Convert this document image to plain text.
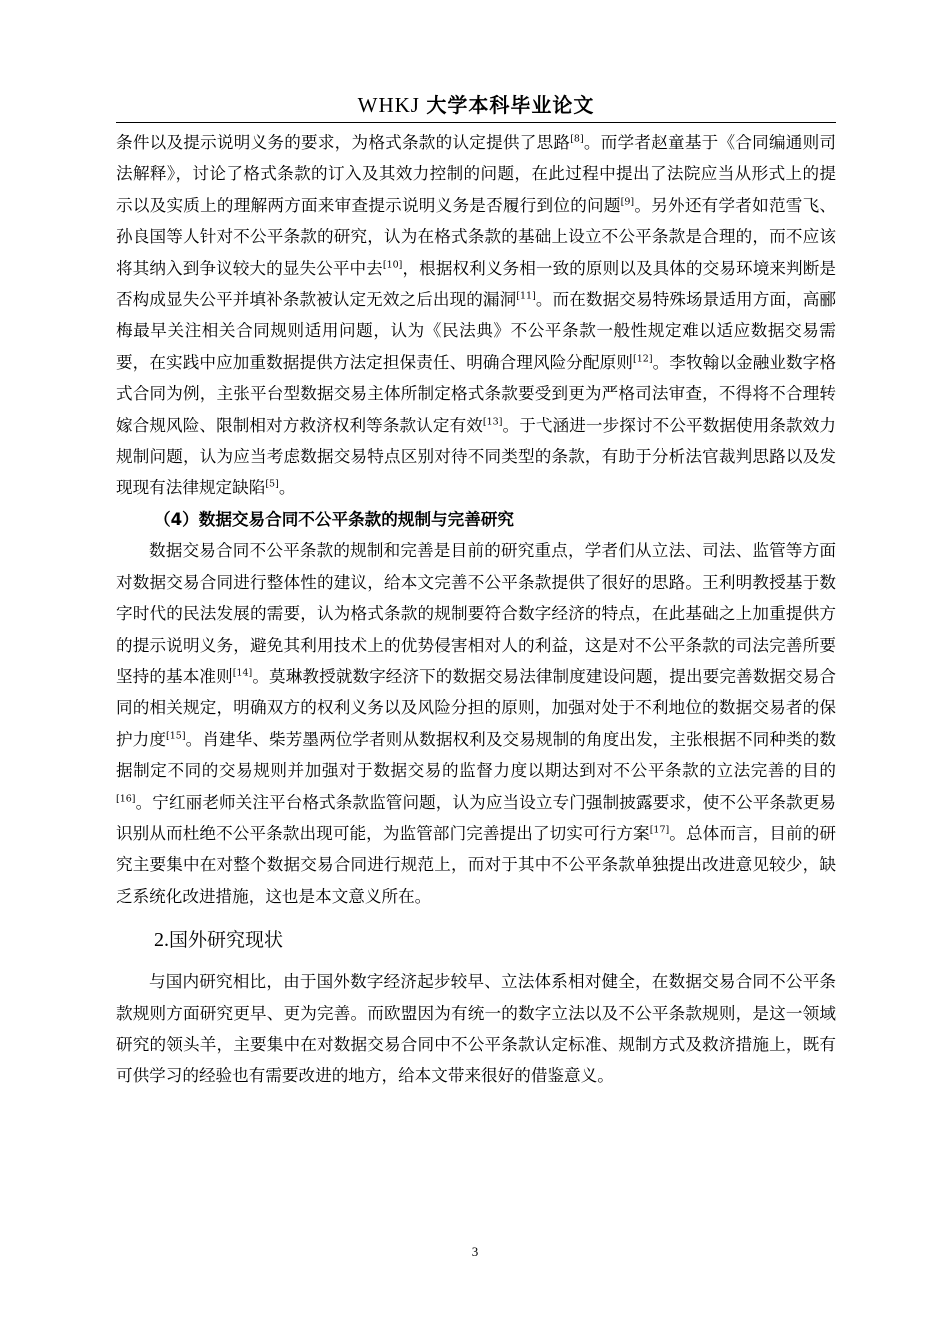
WHKJ 大学本科毕业论文

条件以及提示说明义务的要求，为格式条款的认定提供了思路[8]。而学者赵童基于《合同编通则司法解释》，讨论了格式条款的订入及其效力控制的问题，在此过程中提出了法院应当从形式上的提示以及实质上的理解两方面来审查提示说明义务是否履行到位的问题[9]。另外还有学者如范雪飞、孙良国等人针对不公平条款的研究，认为在格式条款的基础上设立不公平条款是合理的，而不应该将其纳入到争议较大的显失公平中去[10]，根据权利义务相一致的原则以及具体的交易环境来判断是否构成显失公平并填补条款被认定无效之后出现的漏洞[11]。而在数据交易特殊场景适用方面，高郦梅最早关注相关合同规则适用问题，认为《民法典》不公平条款一般性规定难以适应数据交易需要，在实践中应加重数据提供方法定担保责任、明确合理风险分配原则[12]。李牧翰以金融业数字格式合同为例，主张平台型数据交易主体所制定格式条款要受到更为严格司法审查，不得将不合理转嫁合规风险、限制相对方救济权利等条款认定有效[13]。于弋涵进一步探讨不公平数据使用条款效力规制问题，认为应当考虑数据交易特点区别对待不同类型的条款，有助于分析法官裁判思路以及发现现有法律规定缺陷[5]。

（4）数据交易合同不公平条款的规制与完善研究

数据交易合同不公平条款的规制和完善是目前的研究重点，学者们从立法、司法、监管等方面对数据交易合同进行整体性的建议，给本文完善不公平条款提供了很好的思路。王利明教授基于数字时代的民法发展的需要，认为格式条款的规制要符合数字经济的特点，在此基础之上加重提供方的提示说明义务，避免其利用技术上的优势侵害相对人的利益，这是对不公平条款的司法完善所要坚持的基本准则[14]。莫琳教授就数字经济下的数据交易法律制度建设问题，提出要完善数据交易合同的相关规定，明确双方的权利义务以及风险分担的原则，加强对处于不利地位的数据交易者的保护力度[15]。肖建华、柴芳墨两位学者则从数据权利及交易规制的角度出发，主张根据不同种类的数据制定不同的交易规则并加强对于数据交易的监督力度以期达到对不公平条款的立法完善的目的[16]。宁红丽老师关注平台格式条款监管问题，认为应当设立专门强制披露要求，使不公平条款更易识别从而杜绝不公平条款出现可能，为监管部门完善提出了切实可行方案[17]。总体而言，目前的研究主要集中在对整个数据交易合同进行规范上，而对于其中不公平条款单独提出改进意见较少，缺乏系统化改进措施，这也是本文意义所在。

2.国外研究现状

与国内研究相比，由于国外数字经济起步较早、立法体系相对健全，在数据交易合同不公平条款规则方面研究更早、更为完善。而欧盟因为有统一的数字立法以及不公平条款规则，是这一领域研究的领头羊，主要集中在对数据交易合同中不公平条款认定标准、规制方式及救济措施上，既有可供学习的经验也有需要改进的地方，给本文带来很好的借鉴意义。

3
